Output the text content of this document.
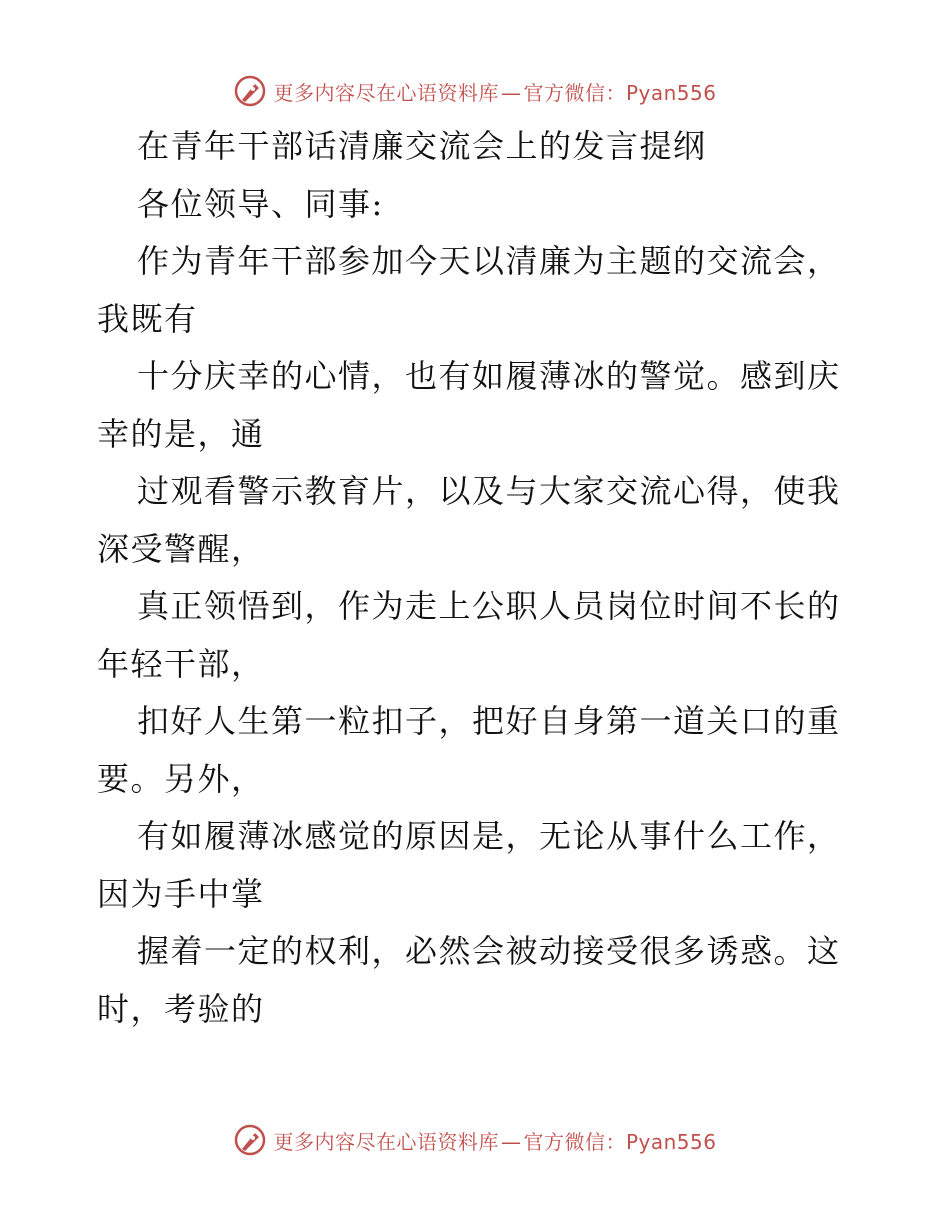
更多内容尽在心语资料库 — 官方微信：Pyan556
在青年干部话清廉交流会上的发言提纲
各位领导、同事:
作为青年干部参加今天以清廉为主题的交流会，
我既有
十分庆幸的心情，也有如履薄冰的警觉。感到庆
幸的是，通
过观看警示教育片，以及与大家交流心得，使我
深受警醒，
真正领悟到，作为走上公职人员岗位时间不长的
年轻干部，
扣好人生第一粒扣子，把好自身第一道关口的重
要。另外，
有如履薄冰感觉的原因是，无论从事什么工作，
因为手中掌
握着一定的权利，必然会被动接受很多诱惑。这
时，考验的
更多内容尽在心语资料库 — 官方微信：Pyan556
